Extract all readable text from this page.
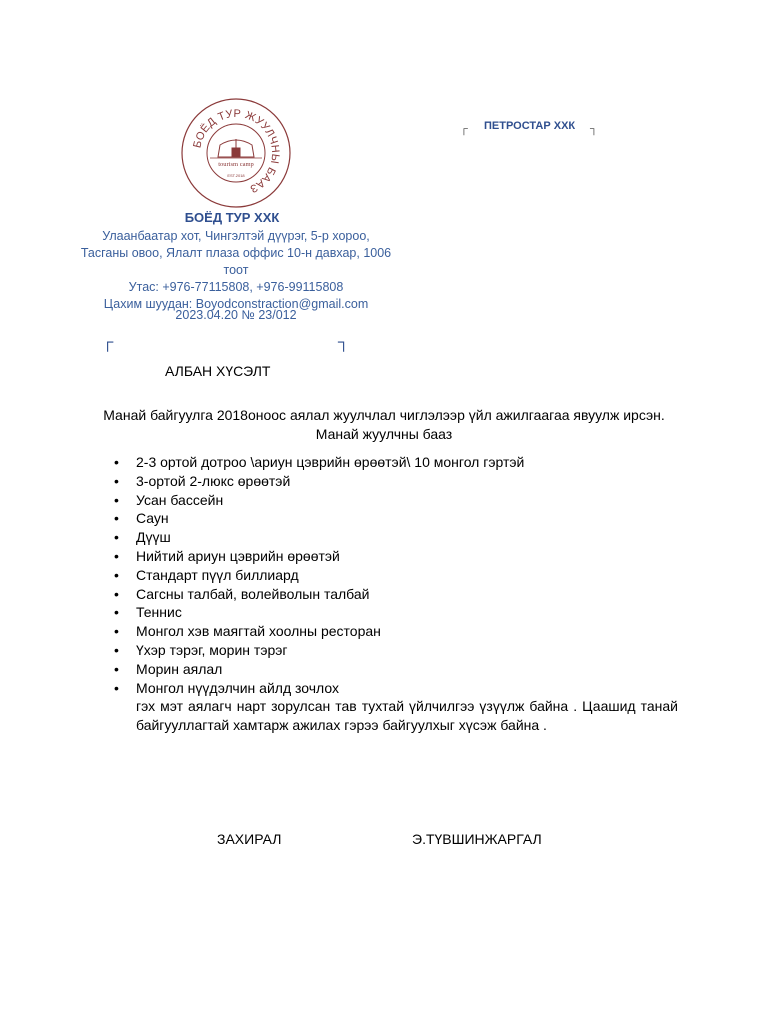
БОЁД ТУР ЖУУЛЧНЫ БААЗ
tourism camp
EST.2018
БОЁД ТУР ХХК
Улаанбаатар хот, Чингэлтэй дүүрэг, 5-р хороо,
Тасганы овоо, Ялалт плаза оффис 10-н давхар, 1006
тоот
Утас: +976-77115808, +976-99115808
Цахим шуудан: Boyodconstraction@gmail.com
2023.04.20 № 23/012
┌ ПЕТРОСТАР ХХК ┐
┌	┐
АЛБАН ХҮСЭЛТ
Манай байгуулга 2018оноос аялал жуулчлал чиглэлээр үйл ажилгаагаа явуулж ирсэн.
Манай жуулчны бааз
• 2-3 ортой дотроо \ариун цэврийн өрөөтэй\ 10 монгол гэртэй
• 3-ортой 2-люкс өрөөтэй
• Усан бассейн
• Саун
• Дүүш
• Нийтий ариун цэврийн өрөөтэй
• Стандарт пүүл биллиард
• Сагсны талбай, волейволын талбай
• Теннис
• Монгол хэв маягтай хоолны ресторан
• Үхэр тэрэг, морин тэрэг
• Морин аялал
• Монгол нүүдэлчин айлд зочлох
гэх мэт аялагч нарт зорулсан тав тухтай үйлчилгээ үзүүлж байна . Цаашид танай байгууллагтай хамтарж ажилах гэрээ байгуулхыг хүсэж байна .
ЗАХИРАЛ	Э.ТҮВШИНЖАРГАЛ
